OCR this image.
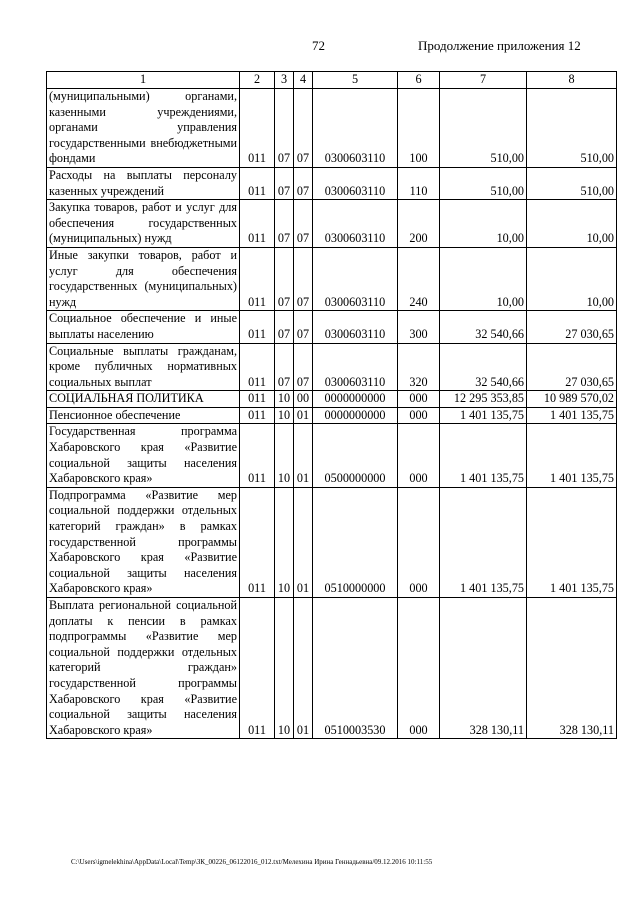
72	Продолжение приложения 12
1	2	3	4	5	6	7	8
(муниципальными) органами, казенными учреждениями, органами управления государственными внебюджетными фондами	011	07	07	0300603110	100	510,00	510,00
Расходы на выплаты персоналу казенных учреждений	011	07	07	0300603110	110	510,00	510,00
Закупка товаров, работ и услуг для обеспечения государственных (муниципальных) нужд	011	07	07	0300603110	200	10,00	10,00
Иные закупки товаров, работ и услуг для обеспечения государственных (муниципальных) нужд	011	07	07	0300603110	240	10,00	10,00
Социальное обеспечение и иные выплаты населению	011	07	07	0300603110	300	32 540,66	27 030,65
Социальные выплаты гражданам, кроме публичных нормативных социальных выплат	011	07	07	0300603110	320	32 540,66	27 030,65
СОЦИАЛЬНАЯ ПОЛИТИКА	011	10	00	0000000000	000	12 295 353,85	10 989 570,02
Пенсионное обеспечение	011	10	01	0000000000	000	1 401 135,75	1 401 135,75
Государственная программа Хабаровского края «Развитие социальной защиты населения Хабаровского края»	011	10	01	0500000000	000	1 401 135,75	1 401 135,75
Подпрограмма «Развитие мер социальной поддержки отдельных категорий граждан» в рамках государственной программы Хабаровского края «Развитие социальной защиты населения Хабаровского края»	011	10	01	0510000000	000	1 401 135,75	1 401 135,75
Выплата региональной социальной доплаты к пенсии в рамках подпрограммы «Развитие мер социальной поддержки отдельных категорий граждан» государственной программы Хабаровского края «Развитие социальной защиты населения Хабаровского края»	011	10	01	0510003530	000	328 130,11	328 130,11
C:\Users\igmelekhina\AppData\Local\Temp\ЗК_00226_06122016_012.txt/Мелехина Ирина Геннадьевна/09.12.2016 10:11:55
